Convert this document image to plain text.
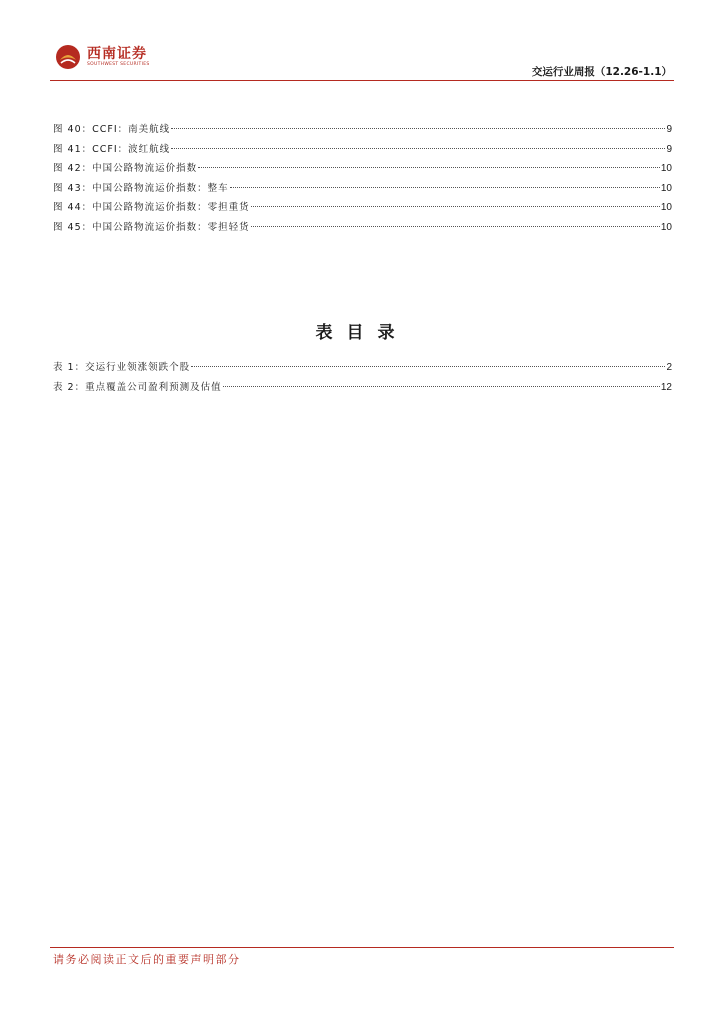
西南证券
SOUTHWEST SECURITIES
交运行业周报（12.26-1.1）
图 40：CCFI：南美航线	9
图 41：CCFI：波红航线	9
图 42：中国公路物流运价指数	10
图 43：中国公路物流运价指数：整车	10
图 44：中国公路物流运价指数：零担重货	10
图 45：中国公路物流运价指数：零担轻货	10
表目录
表 1：交运行业领涨领跌个股	2
表 2：重点覆盖公司盈利预测及估值	12
请务必阅读正文后的重要声明部分
